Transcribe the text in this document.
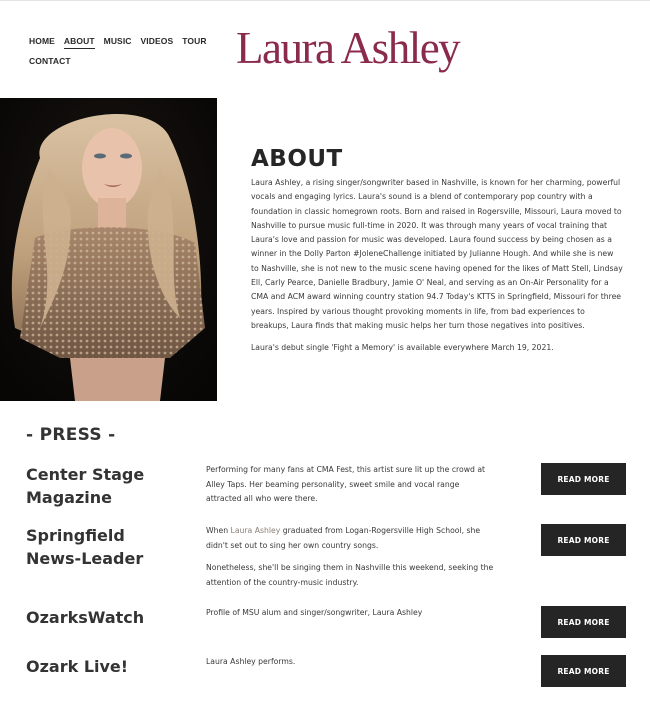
HOME ABOUT MUSIC VIDEOS TOUR
CONTACT	Laura Ashley
ABOUT

Laura Ashley, a rising singer/songwriter based in Nashville, is known for her charming, powerful vocals and engaging lyrics. Laura's sound is a blend of contemporary pop country with a foundation in classic homegrown roots. Born and raised in Rogersville, Missouri, Laura moved to Nashville to pursue music full-time in 2020. It was through many years of vocal training that Laura's love and passion for music was developed. Laura found success by being chosen as a winner in the Dolly Parton #JoleneChallenge initiated by Julianne Hough. And while she is new to Nashville, she is not new to the music scene having opened for the likes of Matt Stell, Lindsay Ell, Carly Pearce, Danielle Bradbury, Jamie O' Neal, and serving as an On-Air Personality for a CMA and ACM award winning country station 94.7 Today's KTTS in Springfield, Missouri for three years. Inspired by various thought provoking moments in life, from bad experiences to breakups, Laura finds that making music helps her turn those negatives into positives.

Laura's debut single 'Fight a Memory' is available everywhere March 19, 2021.

- PRESS -
Center Stage Magazine

Performing for many fans at CMA Fest, this artist sure lit up the crowd at Alley Taps. Her beaming personality, sweet smile and vocal range attracted all who were there.

READ MORE
Springfield News-Leader

When Laura Ashley graduated from Logan-Rogersville High School, she didn't set out to sing her own country songs.

Nonetheless, she'll be singing them in Nashville this weekend, seeking the attention of the country-music industry.

READ MORE
OzarksWatch	Profile of MSU alum and singer/songwriter, Laura Ashley

READ MORE
Ozark Live!	Laura Ashley performs.

READ MORE
